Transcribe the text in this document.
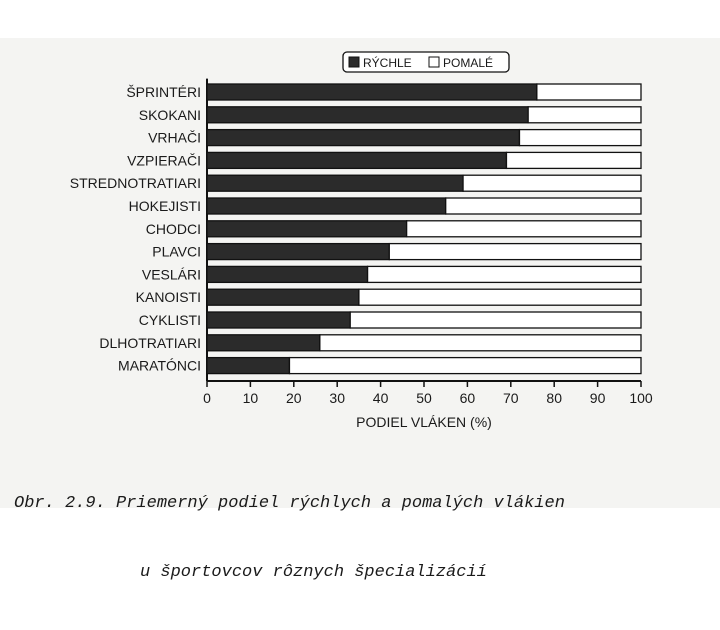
ŠPRINTÉRI
SKOKANI
VRHAČI
VZPIERAČI
STREDNOTRATIARI
HOKEJISTI
CHODCI
PLAVCI
VESLÁRI
KANOISTI
CYKLISTI
DLHOTRATIARI
MARATÓNCI
0 10 20 30 40 50 60 70 80 90 100
PODIEL VLÁKEN (%)
RÝCHLE	POMALÉ

Obr. 2.9. Priemerný podiel rýchlych a pomalých vlákien

u športovcov rôznych špecializácií
